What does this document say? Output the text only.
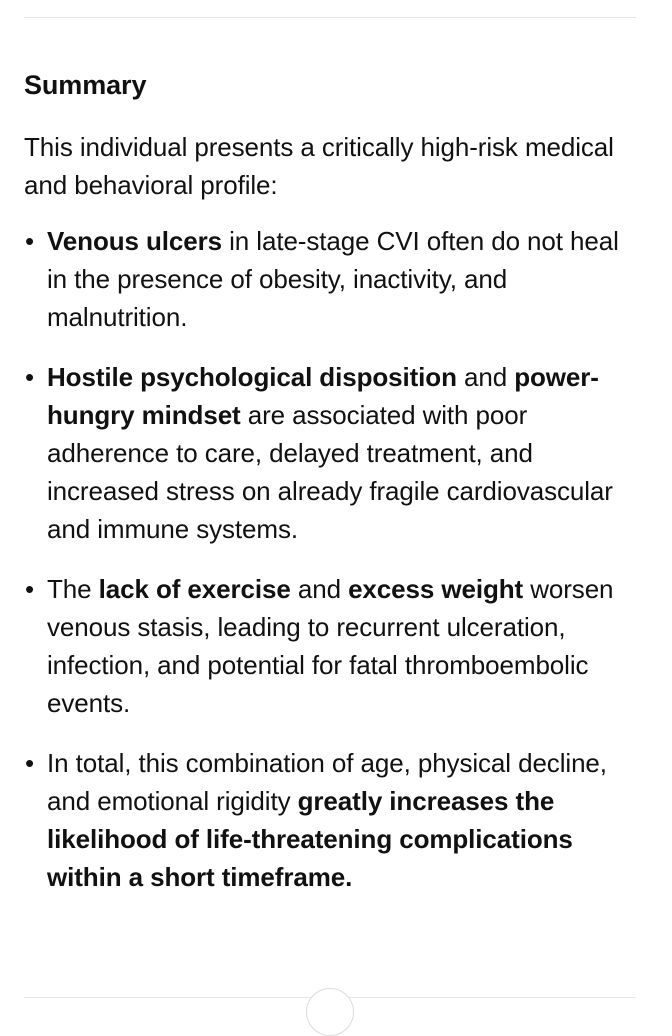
Summary

This individual presents a critically high-risk medical and behavioral profile:

• Venous ulcers in late-stage CVI often do not heal in the presence of obesity, inactivity, and malnutrition.
• Hostile psychological disposition and power-hungry mindset are associated with poor adherence to care, delayed treatment, and increased stress on already fragile cardiovascular and immune systems.
• The lack of exercise and excess weight worsen venous stasis, leading to recurrent ulceration, infection, and potential for fatal thromboembolic events.
• In total, this combination of age, physical decline, and emotional rigidity greatly increases the likelihood of life-threatening complications within a short timeframe.
